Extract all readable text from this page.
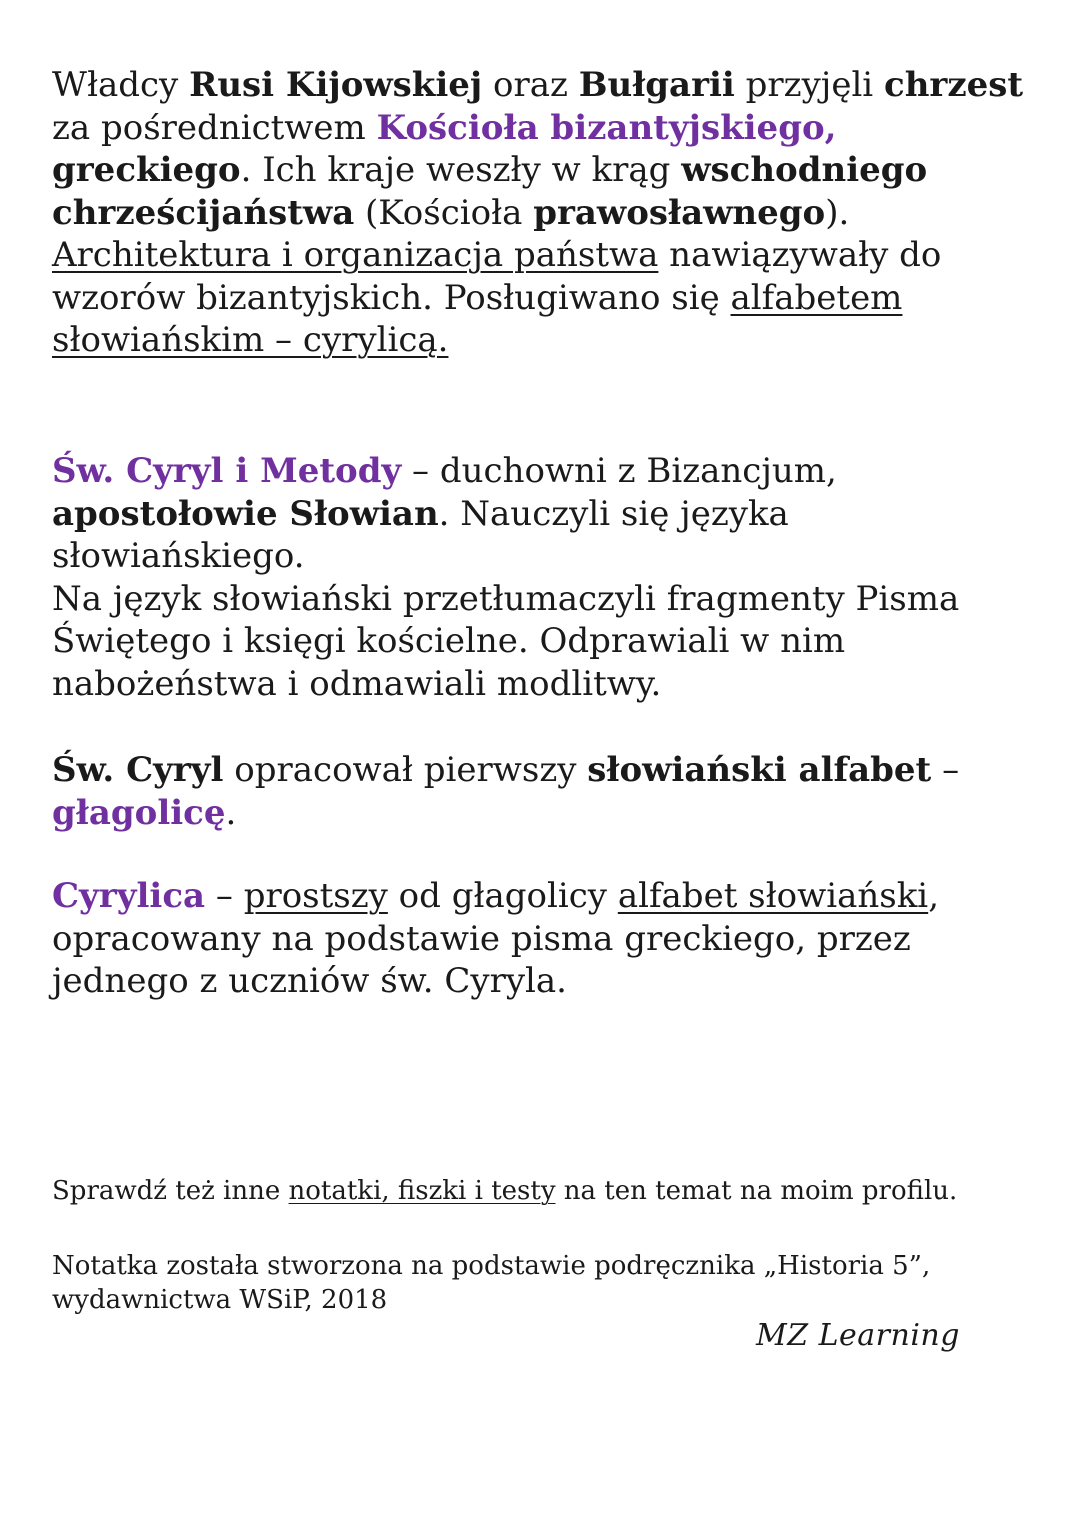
Władcy Rusi Kijowskiej oraz Bułgarii przyjęli chrzest za pośrednictwem Kościoła bizantyjskiego,
greckiego. Ich kraje weszły w krąg wschodniego chrześcijaństwa (Kościoła prawosławnego).
Architektura i organizacja państwa nawiązywały do wzorów bizantyjskich. Posługiwano się alfabetem słowiańskim – cyrylicą.

Św. Cyryl i Metody – duchowni z Bizancjum,
apostołowie Słowian. Nauczyli się języka słowiańskiego.
Na język słowiański przetłumaczyli fragmenty Pisma Świętego i księgi kościelne. Odprawiali w nim nabożeństwa i odmawiali modlitwy.

Św. Cyryl opracował pierwszy słowiański alfabet – głagolicę.

Cyrylica – prostszy od głagolicy alfabet słowiański, opracowany na podstawie pisma greckiego, przez jednego z uczniów św. Cyryla.

Sprawdź też inne notatki, fiszki i testy na ten temat na moim profilu.

Notatka została stworzona na podstawie podręcznika „Historia 5”, wydawnictwa WSiP, 2018

MZ Learning
